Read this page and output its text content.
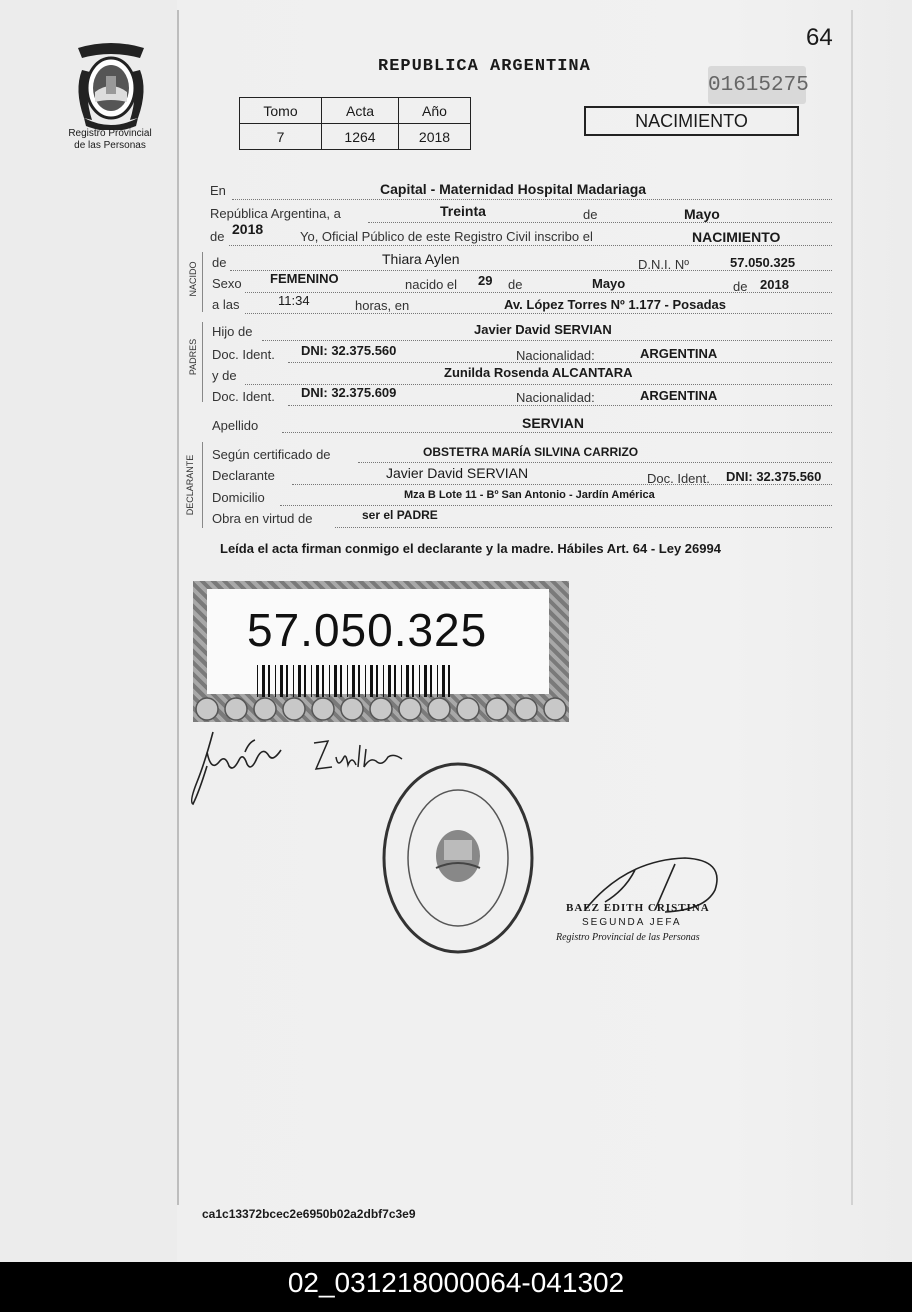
Registro Provincial
de las Personas
64
REPUBLICA ARGENTINA
01615275
NACIMIENTO
Tomo	Acta	Año
7	1264	2018
En	Capital - Maternidad Hospital Madariaga
República Argentina, a	Treinta	de	Mayo
de 2018	Yo, Oficial Público de este Registro Civil inscribo el	NACIMIENTO
NACIDO de	Thiara Aylen	D.N.I. Nº	57.050.325
Sexo FEMENINO	nacido el 29 de	Mayo	de 2018
a las	11:34	horas, en	Av. López Torres Nº 1.177 - Posadas
PADRES
Hijo de	Javier David SERVIAN
Doc. Ident. DNI: 32.375.560	Nacionalidad:	ARGENTINA
y de	Zunilda Rosenda ALCANTARA
Doc. Ident. DNI: 32.375.609	Nacionalidad:	ARGENTINA
Apellido	SERVIAN
DECLARANTE
Según certificado de	OBSTETRA MARÍA SILVINA CARRIZO
Declarante	Javier David SERVIAN	Doc. Ident. DNI: 32.375.560
Domicilio	Mza B Lote 11 - Bº San Antonio - Jardín América
Obra en virtud de	ser el PADRE
Leída el acta firman conmigo el declarante y la madre. Hábiles Art. 64 - Ley 26994
57.050.325
BAEZ EDITH CRISTINA
SEGUNDA JEFA
Registro Provincial de las Personas
ca1c13372bcec2e6950b02a2dbf7c3e9
02_031218000064-041302
